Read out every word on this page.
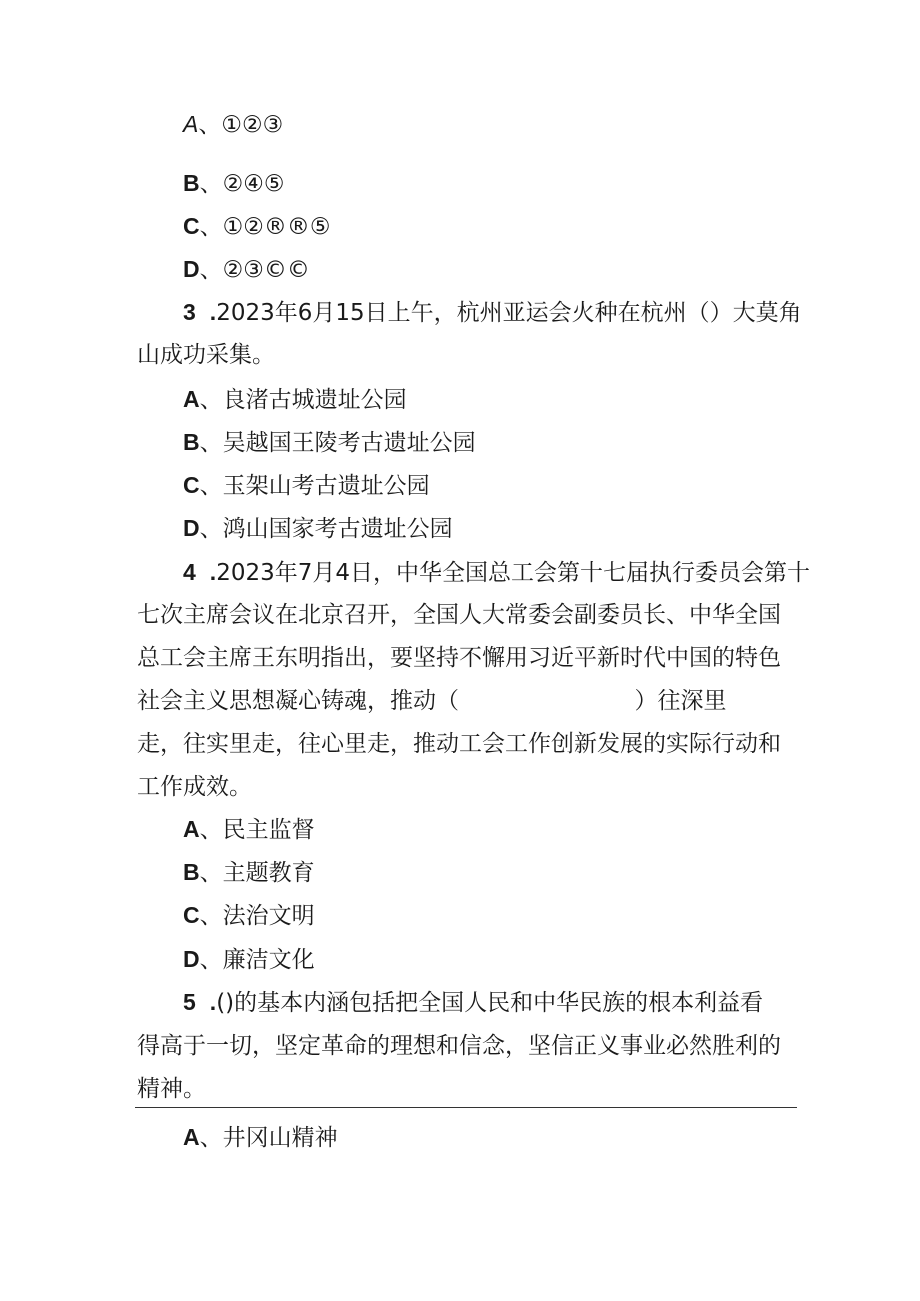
A、①②③
B、②④⑤
C、①②®®⑤
D、②③©©
3 .2023年6月15日上午，杭州亚运会火种在杭州（）大莫角
山成功采集。
A、良渚古城遗址公园
B、吴越国王陵考古遗址公园
C、玉架山考古遗址公园
D、鸿山国家考古遗址公园
4 .2023年7月4日，中华全国总工会第十七届执行委员会第十
七次主席会议在北京召开，全国人大常委会副委员长、中华全国
总工会主席王东明指出，要坚持不懈用习近平新时代中国的特色
社会主义思想凝心铸魂，推动（                        ）往深里
走，往实里走，往心里走，推动工会工作创新发展的实际行动和
工作成效。
A、民主监督
B、主题教育
C、法治文明
D、廉洁文化
5 .()的基本内涵包括把全国人民和中华民族的根本利益看
得高于一切，坚定革命的理想和信念，坚信正义事业必然胜利的
精神。
A、井冈山精神
